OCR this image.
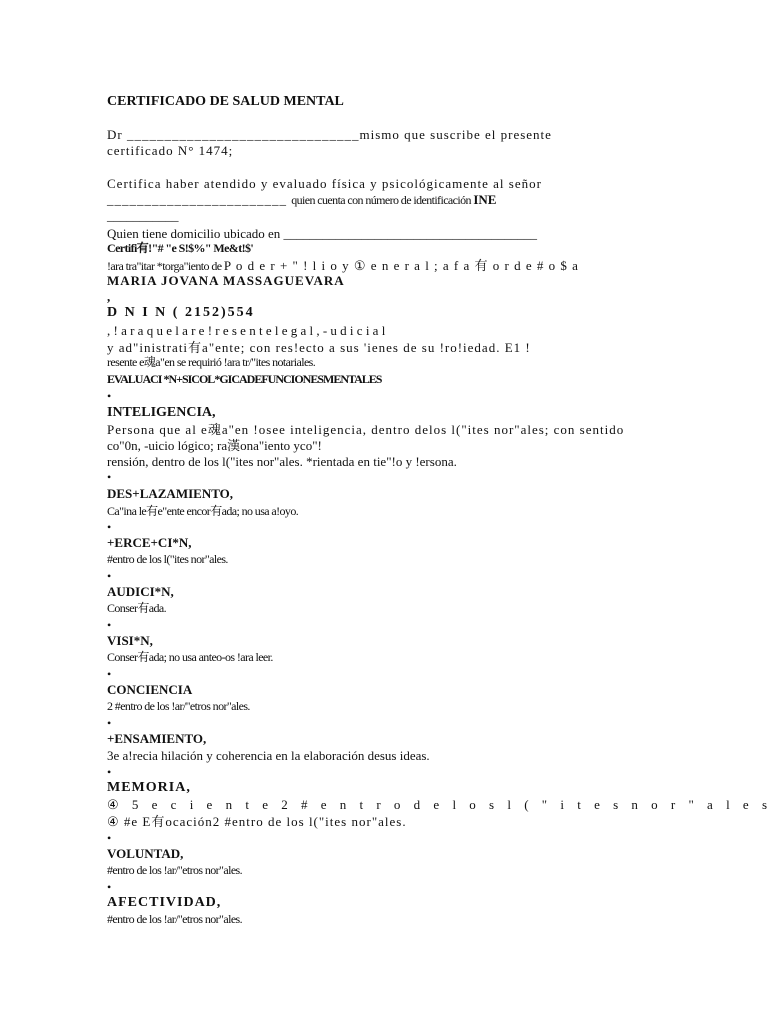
CERTIFICADO DE SALUD MENTAL
Dr _______________________________mismo que suscribe el presente
certificado N° 1474;
Certifica haber atendido y evaluado física y psicológicamente al señor
________________________ quien cuenta con número de identificación INE
___________
Quien tiene domicilio ubicado en _______________________________________
Certifi有!"# "e S!$%" Me&t!$'
!ara tra"itar *torga"iento de P o d e r + " ! l i o y ① e n e r a l ; a f a 有 o r d e # o $ a
MARIA JOVANA MASSAGUEVARA
,
D N I N ( 2152)554
, ! a r a q u e l a r e ! r e s e n t e l e g a l , - u d i c i a l
y ad"inistrati有a"ente; con res!ecto a sus 'ienes de su !ro!iedad. E1 !
resente e魂a"en se requirió !ara tr/"ites notariales.
EVALUACI *N+SICOL*GICADEFUNCIONESMENTALES
•
INTELIGENCIA,
Persona que al e魂a"en !osee inteligencia, dentro delos l("ites nor"ales; con sentido
co"0n, -uicio lógico; ra漢ona"iento yco"!
rensión, dentro de los l("ites nor"ales. *rientada en tie"!o y !ersona.
•
DES+LAZAMIENTO,
Ca"ina le有e"ente encor有ada; no usa a!oyo.
•
+ERCE+CI*N,
#entro de los l("ites nor"ales.
•
AUDICI*N,
Conser有ada.
•
VISI*N,
Conser有ada; no usa anteo-os !ara leer.
•
CONCIENCIA
2 #entro de los !ar/"etros nor"ales.
•
+ENSAMIENTO,
3e a!recia hilación y coherencia en la elaboración desus ideas.
•
MEMORIA,
④ 5 e c i e n t e 2 # e n t r o d e l o s l ( " i t e s n o r " a l e s
④ #e E有ocación2 #entro de los l("ites nor"ales.
•
VOLUNTAD,
#entro de los !ar/"etros nor"ales.
•
AFECTIVIDAD,
#entro de los !ar/"etros nor"ales.
